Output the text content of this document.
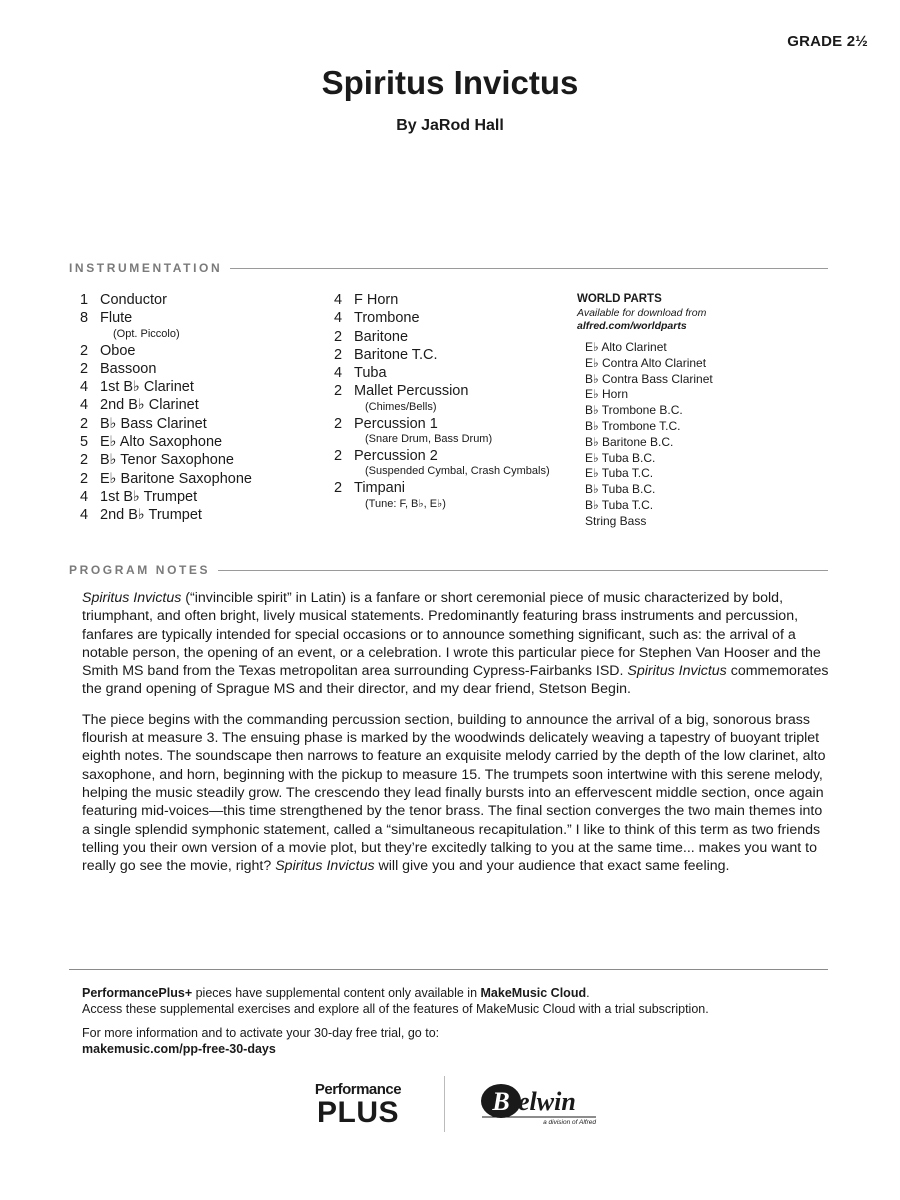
GRADE 2½
Spiritus Invictus
By JaRod Hall
INSTRUMENTATION
1 Conductor
8 Flute
(Opt. Piccolo)
2 Oboe
2 Bassoon
4 1st B♭ Clarinet
4 2nd B♭ Clarinet
2 B♭ Bass Clarinet
5 E♭ Alto Saxophone
2 B♭ Tenor Saxophone
2 E♭ Baritone Saxophone
4 1st B♭ Trumpet
4 2nd B♭ Trumpet
4 F Horn
4 Trombone
2 Baritone
2 Baritone T.C.
4 Tuba
2 Mallet Percussion
(Chimes/Bells)
2 Percussion 1
(Snare Drum, Bass Drum)
2 Percussion 2
(Suspended Cymbal, Crash Cymbals)
2 Timpani
(Tune: F, B♭, E♭)
WORLD PARTS
Available for download from
alfred.com/worldparts
E♭ Alto Clarinet
E♭ Contra Alto Clarinet
B♭ Contra Bass Clarinet
E♭ Horn
B♭ Trombone B.C.
B♭ Trombone T.C.
B♭ Baritone B.C.
E♭ Tuba B.C.
E♭ Tuba T.C.
B♭ Tuba B.C.
B♭ Tuba T.C.
String Bass
PROGRAM NOTES

Spiritus Invictus (“invincible spirit” in Latin) is a fanfare or short ceremonial piece of music characterized by bold, triumphant, and often bright, lively musical statements. Predominantly featuring brass instruments and percussion, fanfares are typically intended for special occasions or to announce something significant, such as: the arrival of a notable person, the opening of an event, or a celebration. I wrote this particular piece for Stephen Van Hooser and the Smith MS band from the Texas metropolitan area surrounding Cypress-Fairbanks ISD. Spiritus Invictus commemorates the grand opening of Sprague MS and their director, and my dear friend, Stetson Begin.

The piece begins with the commanding percussion section, building to announce the arrival of a big, sonorous brass flourish at measure 3. The ensuing phase is marked by the woodwinds delicately weaving a tapestry of buoyant triplet eighth notes. The soundscape then narrows to feature an exquisite melody carried by the depth of the low clarinet, alto saxophone, and horn, beginning with the pickup to measure 15. The trumpets soon intertwine with this serene melody, helping the music steadily grow. The crescendo they lead finally bursts into an effervescent middle section, once again featuring mid-voices—this time strengthened by the tenor brass. The final section converges the two main themes into a single splendid symphonic statement, called a “simultaneous recapitulation.” I like to think of this term as two friends telling you their own version of a movie plot, but they’re excitedly talking to you at the same time... makes you want to really go see the movie, right? Spiritus Invictus will give you and your audience that exact same feeling.

PerformancePlus+ pieces have supplemental content only available in MakeMusic Cloud.

Access these supplemental exercises and explore all of the features of MakeMusic Cloud with a trial subscription.

For more information and to activate your 30-day free trial, go to:

makemusic.com/pp-free-30-days

Performance
PLUS	B elwin
a division of Alfred
